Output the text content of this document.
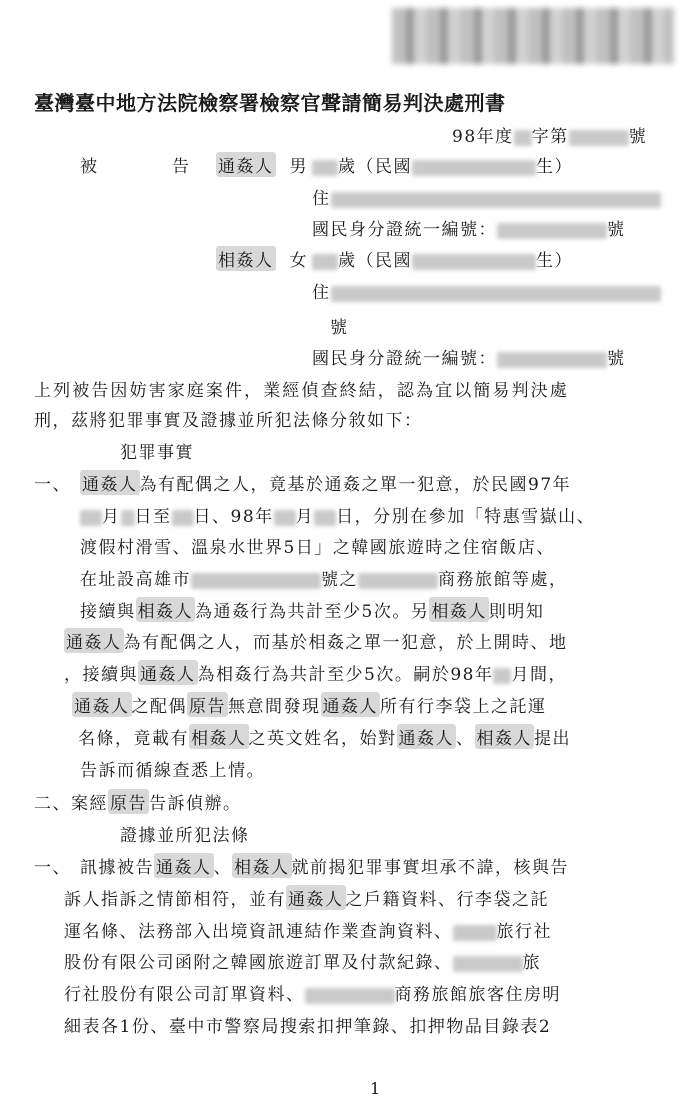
臺灣臺中地方法院檢察署檢察官聲請簡易判決處刑書
98年度 字第	號
被	告 通姦人 男 歲（民國	生）
住
國民身分證統一編號：	號
相姦人 女 歲（民國	生）
住
號
國民身分證統一編號：	號
上列被告因妨害家庭案件，業經偵查終結，認為宜以簡易判決處
刑，茲將犯罪事實及證據並所犯法條分敘如下：
犯罪事實
一、 通姦人 為有配偶之人，竟基於通姦之單一犯意，於民國97年
月 日至 日、98年 月 日，分別在參加「特惠雪嶽山、
渡假村滑雪、溫泉水世界5日」之韓國旅遊時之住宿飯店、
在址設高雄市	號之	商務旅館等處，
接續與 相姦人 為通姦行為共計至少5次。另 相姦人 則明知
通姦人 為有配偶之人，而基於相姦之單一犯意，於上開時、地
，接續與 通姦人 為相姦行為共計至少5次。嗣於98年 月間，
通姦人 之配偶 原告 無意間發現 通姦人 所有行李袋上之託運
名條，竟載有 相姦人 之英文姓名，始對 通姦人 、 相姦人 提出
告訴而循線查悉上情。
二、案經 原告 告訴偵辦。
證據並所犯法條
一、 訊據被告 通姦人 、 相姦人 就前揭犯罪事實坦承不諱，核與告
訴人指訴之情節相符，並有 通姦人 之戶籍資料、行李袋之託
運名條、法務部入出境資訊連結作業查詢資料、	旅行社
股份有限公司函附之韓國旅遊訂單及付款紀錄、	旅
行社股份有限公司訂單資料、	商務旅館旅客住房明
細表各1份、臺中市警察局搜索扣押筆錄、扣押物品目錄表2
1
